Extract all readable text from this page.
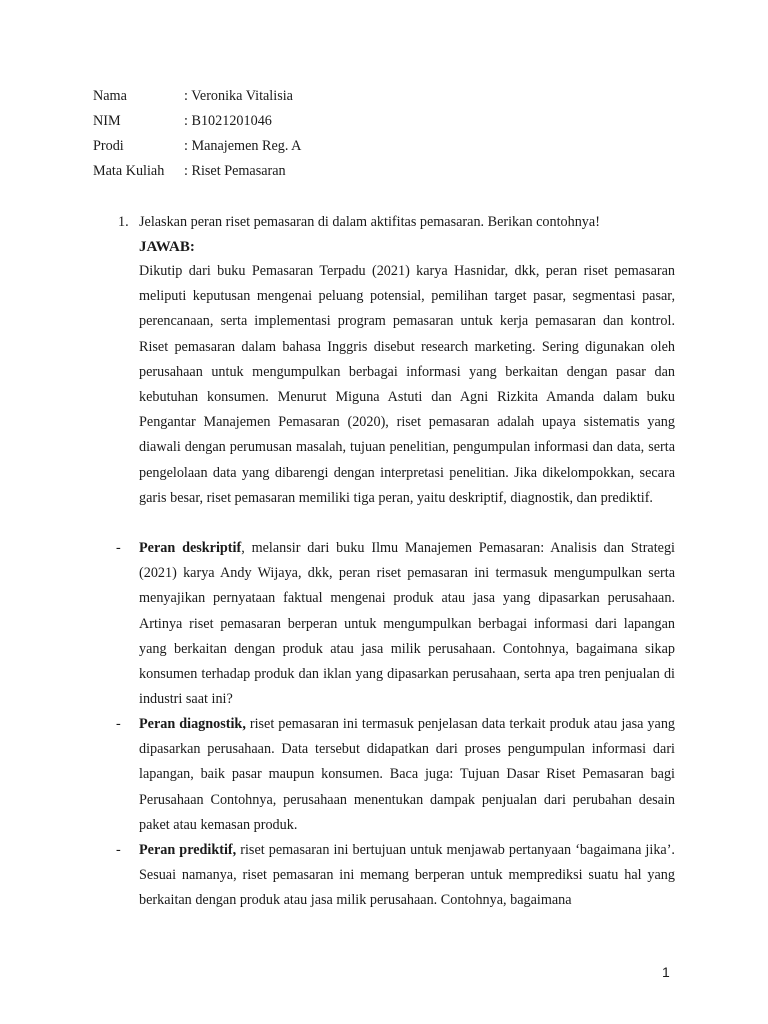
Nama	: Veronika Vitalisia
NIM	: B1021201046
Prodi	: Manajemen Reg. A
Mata Kuliah	: Riset Pemasaran
1. Jelaskan peran riset pemasaran di dalam aktifitas pemasaran. Berikan contohnya!
JAWAB:

Dikutip dari buku Pemasaran Terpadu (2021) karya Hasnidar, dkk, peran riset pemasaran meliputi keputusan mengenai peluang potensial, pemilihan target pasar, segmentasi pasar, perencanaan, serta implementasi program pemasaran untuk kerja pemasaran dan kontrol. Riset pemasaran dalam bahasa Inggris disebut research marketing. Sering digunakan oleh perusahaan untuk mengumpulkan berbagai informasi yang berkaitan dengan pasar dan kebutuhan konsumen. Menurut Miguna Astuti dan Agni Rizkita Amanda dalam buku Pengantar Manajemen Pemasaran (2020), riset pemasaran adalah upaya sistematis yang diawali dengan perumusan masalah, tujuan penelitian, pengumpulan informasi dan data, serta pengelolaan data yang dibarengi dengan interpretasi penelitian. Jika dikelompokkan, secara garis besar, riset pemasaran memiliki tiga peran, yaitu deskriptif, diagnostik, dan prediktif.

- Peran deskriptif, melansir dari buku Ilmu Manajemen Pemasaran: Analisis dan Strategi (2021) karya Andy Wijaya, dkk, peran riset pemasaran ini termasuk mengumpulkan serta menyajikan pernyataan faktual mengenai produk atau jasa yang dipasarkan perusahaan. Artinya riset pemasaran berperan untuk mengumpulkan berbagai informasi dari lapangan yang berkaitan dengan produk atau jasa milik perusahaan. Contohnya, bagaimana sikap konsumen terhadap produk dan iklan yang dipasarkan perusahaan, serta apa tren penjualan di industri saat ini?

- Peran diagnostik, riset pemasaran ini termasuk penjelasan data terkait produk atau jasa yang dipasarkan perusahaan. Data tersebut didapatkan dari proses pengumpulan informasi dari lapangan, baik pasar maupun konsumen. Baca juga: Tujuan Dasar Riset Pemasaran bagi Perusahaan Contohnya, perusahaan menentukan dampak penjualan dari perubahan desain paket atau kemasan produk.

- Peran prediktif, riset pemasaran ini bertujuan untuk menjawab pertanyaan ‘bagaimana jika’. Sesuai namanya, riset pemasaran ini memang berperan untuk memprediksi suatu hal yang berkaitan dengan produk atau jasa milik perusahaan. Contohnya, bagaimana

1
